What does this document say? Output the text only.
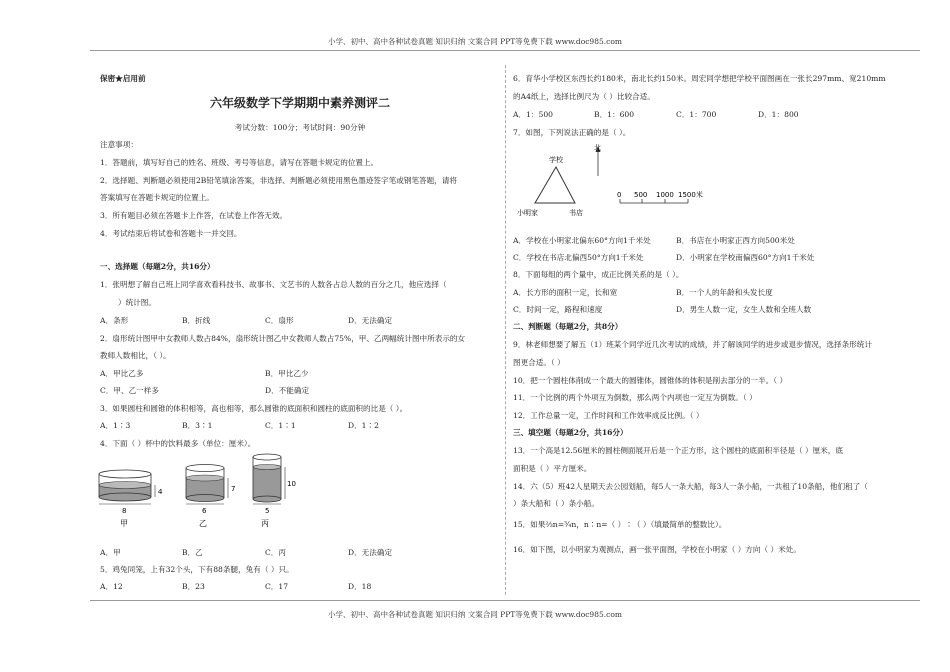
小学、初中、高中各种试卷真题 知识归纳 文案合同 PPT等免费下载 www.doc985.com
小学、初中、高中各种试卷真题 知识归纳 文案合同 PPT等免费下载 www.doc985.com
保密★启用前
六年级数学下学期期中素养测评二
考试分数：100分；考试时间：90分钟
注意事项：
1．答题前，填写好自己的姓名、班级、考号等信息，请写在答题卡规定的位置上。
2．选择题、判断题必须使用2B铅笔填涂答案，非选择、判断题必须使用黑色墨迹签字笔或钢笔答题，请将
答案填写在答题卡规定的位置上。
3．所有题目必须在答题卡上作答，在试卷上作答无效。
4．考试结束后将试卷和答题卡一并交回。
一、选择题（每题2分，共16分）
1．张明想了解自己班上同学喜欢看科技书、故事书、文艺书的人数各占总人数的百分之几，他应选择（
）统计图。
A．条形	B．折线	C．扇形	D．无法确定
2．扇形统计图甲中女教师人数占84%，扇形统计图乙中女教师人数占75%，甲、乙两幅统计图中所表示的女
教师人数相比，（ ）。
A．甲比乙多	B．甲比乙少
C．甲、乙一样多	D．不能确定
3．如果圆柱和圆锥的体积相等，高也相等，那么圆锥的底面积和圆柱的底面积的比是（ ）。
A．1∶3	B．3∶1	C．1∶1	D．1∶2
4．下面（ ）杯中的饮料最多（单位：厘米）。
4
8
甲
7
6
乙
10
5
丙
A．甲	B．乙	C．丙	D．无法确定
5．鸡兔同笼，上有32个头，下有88条腿，兔有（ ）只。
A．12	B．23	C．17	D．18
6．育华小学校区东西长约180米，南北长约150米。周宏同学想把学校平面图画在一张长297mm、宽210mm
的A4纸上，选择比例尺为（ ）比较合适。
A．1：500	B．1：600	C．1：700	D．1：800
7．如图，下列说法正确的是（ ）。
学校
小明家	书店
北
0 500 1000 1500米
A．学校在小明家北偏东60°方向1千米处	B．书店在小明家正西方向500米处
C．学校在书店北偏西50°方向1千米处	D．小明家在学校南偏西60°方向1千米处
8．下面每组的两个量中，成正比例关系的是（ ）。
A．长方形的面积一定，长和宽	B．一个人的年龄和头发长度
C．时间一定，路程和速度	D．男生人数一定，女生人数和全班人数
二、判断题（每题2分，共8分）
9．林老师想要了解五（1）班某个同学近几次考试的成绩，并了解该同学的进步或退步情况，选择条形统计
图更合适。（ ）
10．把一个圆柱体削成一个最大的圆锥体，圆锥体的体积是削去部分的一半。（ ）
11．一个比例的两个外项互为倒数，那么两个内项也一定互为倒数。（ ）
12．工作总量一定，工作时间和工作效率成反比例。（ ）
三、填空题（每题2分，共16分）
13．一个高是12.56厘米的圆柱侧面展开后是一个正方形，这个圆柱的底面积半径是（ ）厘米，底
面积是（ ）平方厘米。
14．六（5）班42人星期天去公园划船，每5人一条大船，每3人一条小船，一共租了10条船，他们租了（
）条大船和（ ）条小船。
15．如果⅔n=¾n，n∶n=（ ）∶（ ）（填最简单的整数比）。
16．如下图，以小明家为观测点，画一张平面图，学校在小明家（ ）方向（ ）米处。
